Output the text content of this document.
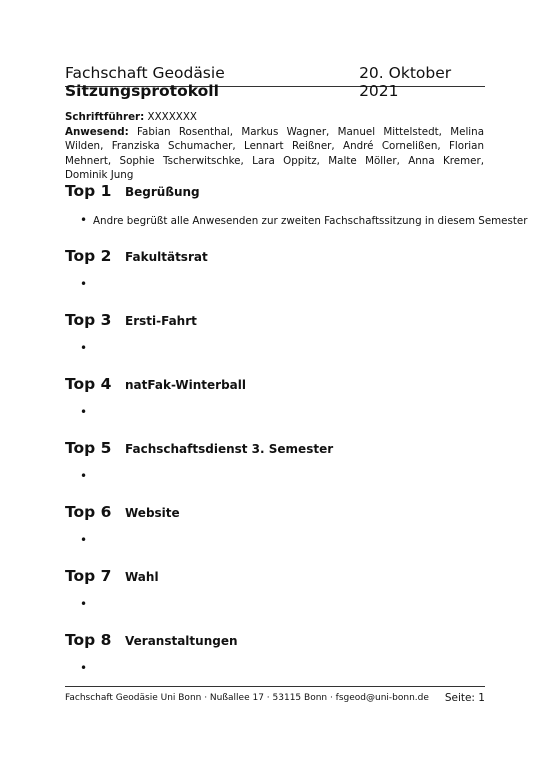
Fachschaft Geodäsie Sitzungsprotokoll
20. Oktober 2021
Schriftführer: XXXXXXX
Anwesend: Fabian Rosenthal, Markus Wagner, Manuel Mittelstedt, Melina Wilden, Franziska Schumacher, Lennart Reißner, André Cornelißen, Florian Mehnert, Sophie Tscherwitschke, Lara Oppitz, Malte Möller, Anna Kremer, Dominik Jung
Top 1	Begrüßung
• Andre begrüßt alle Anwesenden zur zweiten Fachschaftssitzung in diesem Semester
Top 2	Fakultätsrat
•
Top 3	Ersti-Fahrt
•
Top 4	natFak-Winterball
•
Top 5	Fachschaftsdienst 3. Semester
•
Top 6	Website
•
Top 7	Wahl
•
Top 8	Veranstaltungen
•
Fachschaft Geodäsie Uni Bonn · Nußallee 17 · 53115 Bonn · fsgeod@uni-bonn.de Seite: 1
